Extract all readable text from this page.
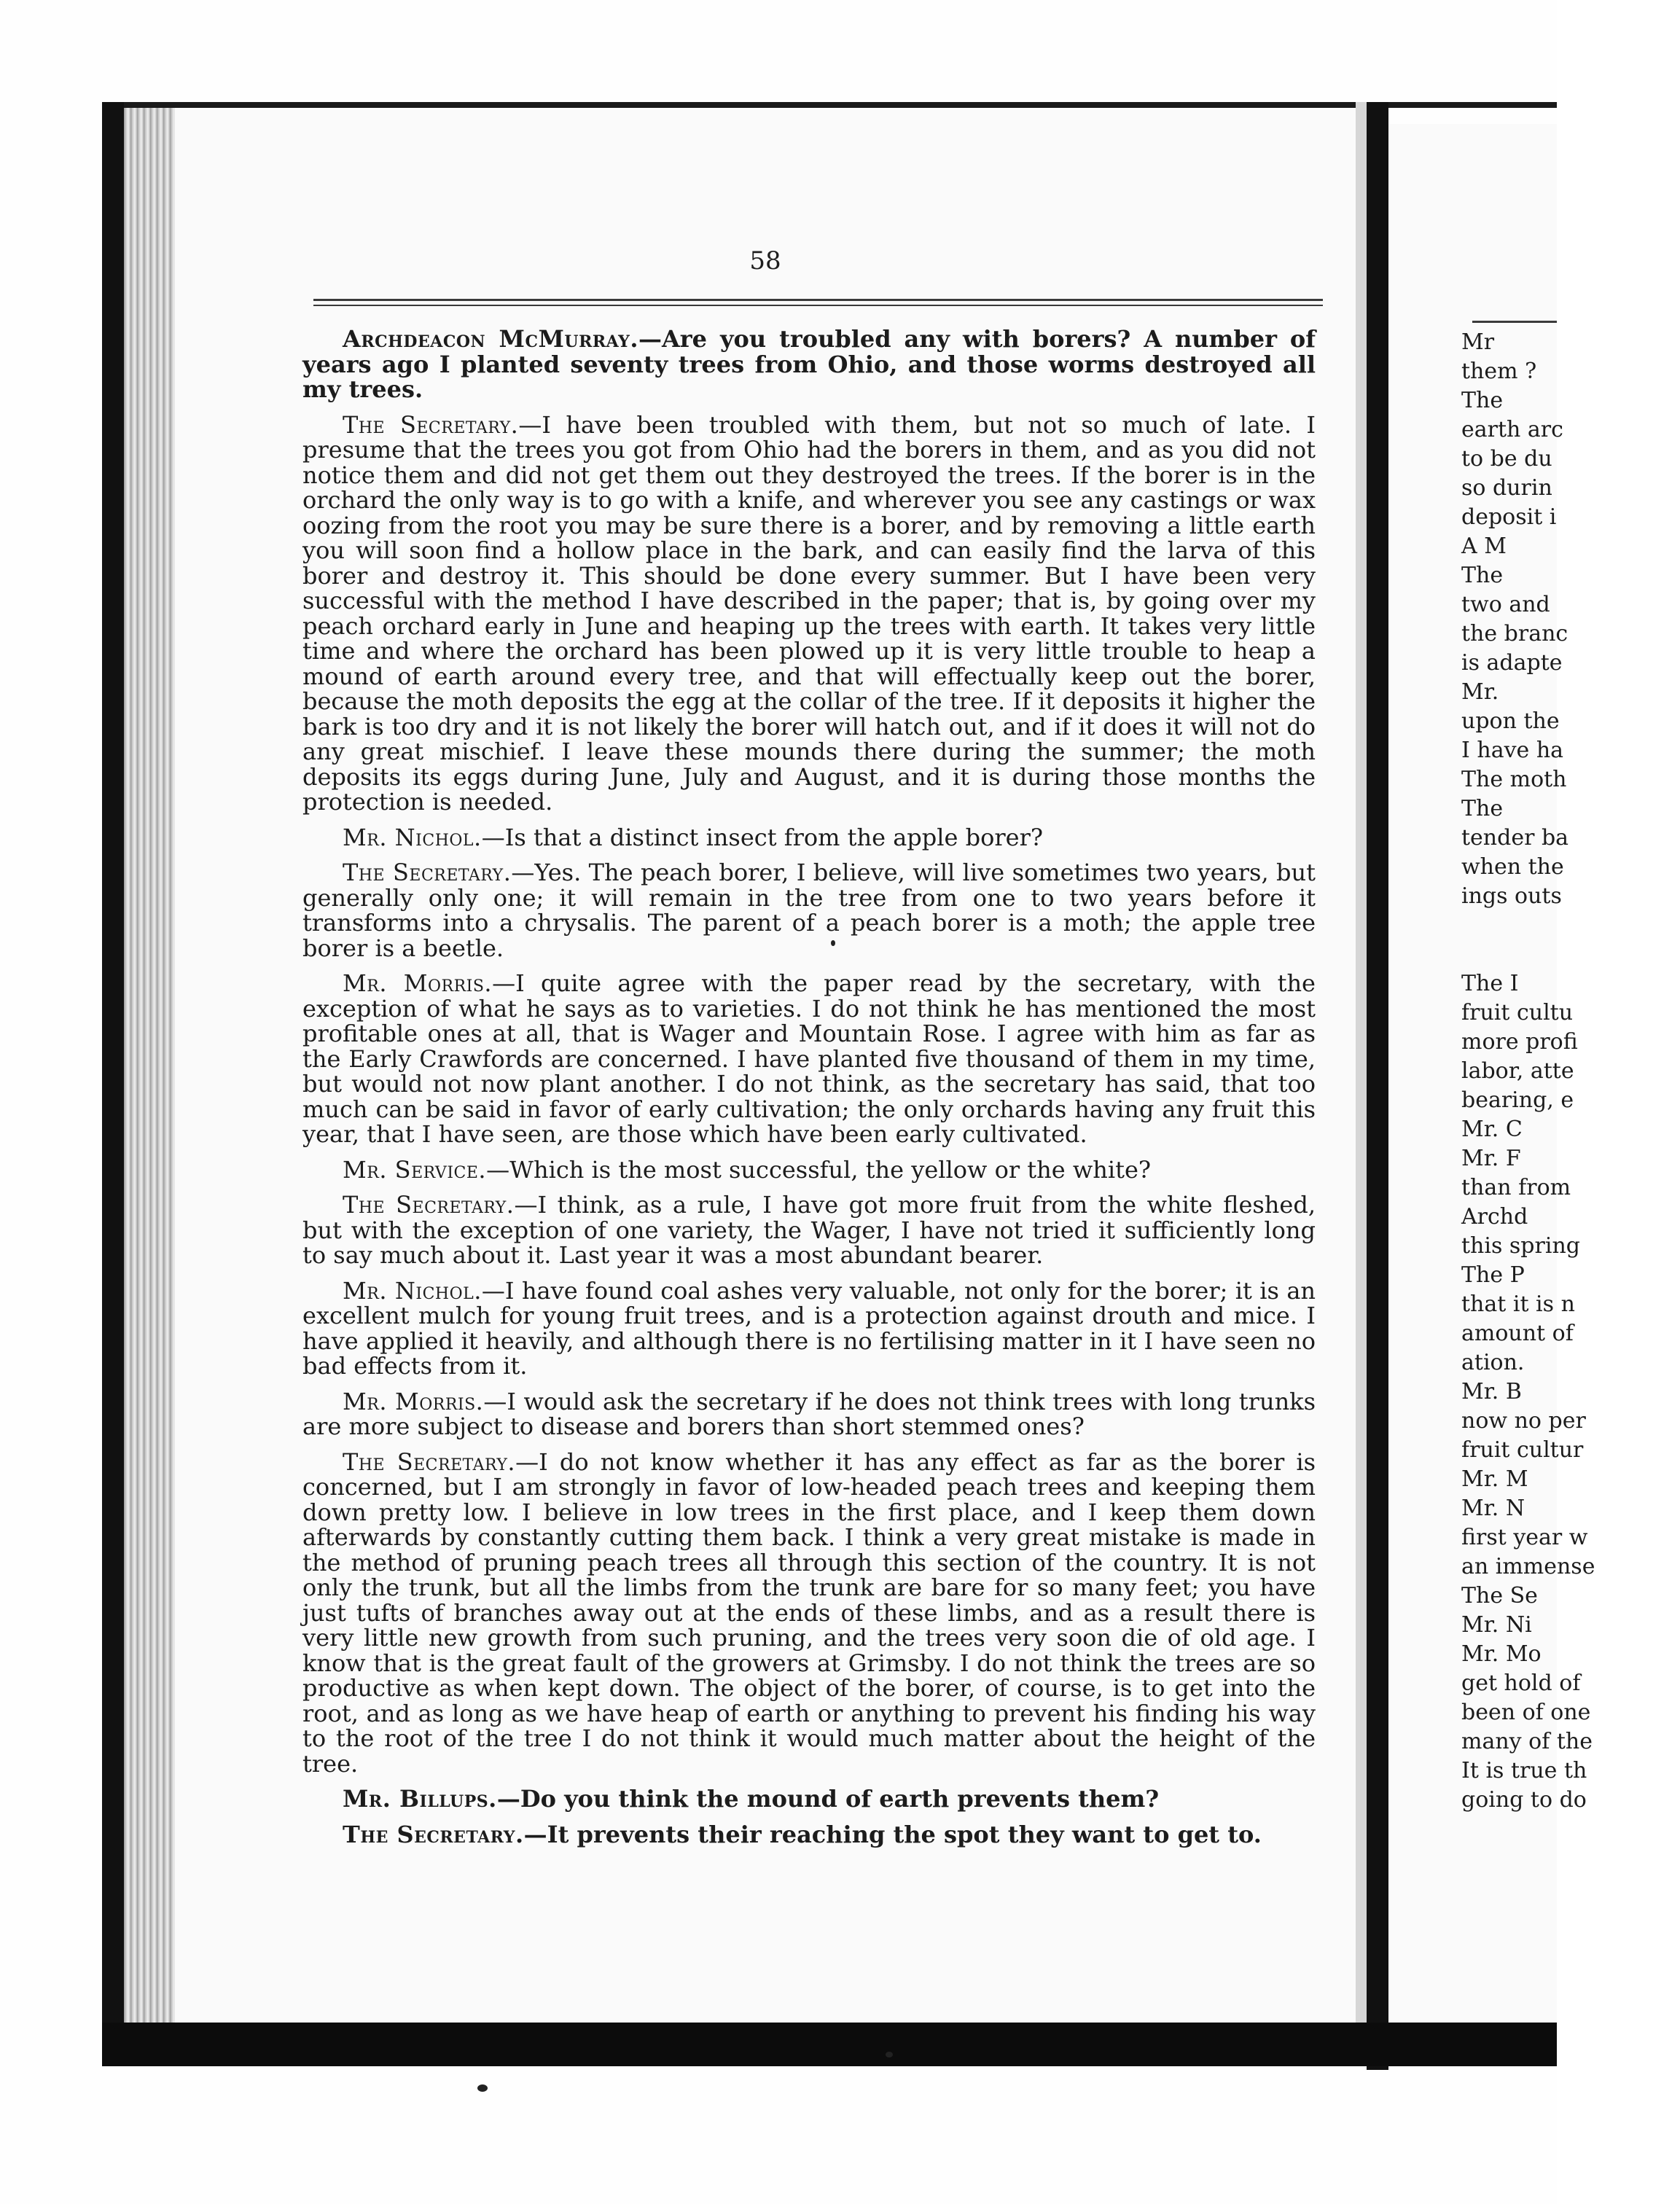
58

Archdeacon McMurray.—Are you troubled any with borers? A number of years ago I planted seventy trees from Ohio, and those worms destroyed all my trees.

The Secretary.—I have been troubled with them, but not so much of late. I presume that the trees you got from Ohio had the borers in them, and as you did not notice them and did not get them out they destroyed the trees. If the borer is in the orchard the only way is to go with a knife, and wherever you see any castings or wax oozing from the root you may be sure there is a borer, and by removing a little earth you will soon find a hollow place in the bark, and can easily find the larva of this borer and destroy it. This should be done every summer. But I have been very successful with the method I have described in the paper; that is, by going over my peach orchard early in June and heaping up the trees with earth. It takes very little time and where the orchard has been plowed up it is very little trouble to heap a mound of earth around every tree, and that will effectually keep out the borer, because the moth deposits the egg at the collar of the tree. If it deposits it higher the bark is too dry and it is not likely the borer will hatch out, and if it does it will not do any great mischief. I leave these mounds there during the summer; the moth deposits its eggs during June, July and August, and it is during those months the protection is needed.

Mr. Nichol.—Is that a distinct insect from the apple borer?

The Secretary.—Yes. The peach borer, I believe, will live sometimes two years, but generally only one; it will remain in the tree from one to two years before it transforms into a chrysalis. The parent of a peach borer is a moth; the apple tree borer is a beetle.

Mr. Morris.—I quite agree with the paper read by the secretary, with the exception of what he says as to varieties. I do not think he has mentioned the most profitable ones at all, that is Wager and Mountain Rose. I agree with him as far as the Early Crawfords are concerned. I have planted five thousand of them in my time, but would not now plant another. I do not think, as the secretary has said, that too much can be said in favor of early cultivation; the only orchards having any fruit this year, that I have seen, are those which have been early cultivated.

Mr. Service.—Which is the most successful, the yellow or the white?

The Secretary.—I think, as a rule, I have got more fruit from the white fleshed, but with the exception of one variety, the Wager, I have not tried it sufficiently long to say much about it. Last year it was a most abundant bearer.

Mr. Nichol.—I have found coal ashes very valuable, not only for the borer; it is an excellent mulch for young fruit trees, and is a protection against drouth and mice. I have applied it heavily, and although there is no fertilising matter in it I have seen no bad effects from it.

Mr. Morris.—I would ask the secretary if he does not think trees with long trunks are more subject to disease and borers than short stemmed ones?

The Secretary.—I do not know whether it has any effect as far as the borer is concerned, but I am strongly in favor of low-headed peach trees and keeping them down pretty low. I believe in low trees in the first place, and I keep them down afterwards by constantly cutting them back. I think a very great mistake is made in the method of pruning peach trees all through this section of the country. It is not only the trunk, but all the limbs from the trunk are bare for so many feet; you have just tufts of branches away out at the ends of these limbs, and as a result there is very little new growth from such pruning, and the trees very soon die of old age. I know that is the great fault of the growers at Grimsby. I do not think the trees are so productive as when kept down. The object of the borer, of course, is to get into the root, and as long as we have heap of earth or anything to prevent his finding his way to the root of the tree I do not think it would much matter about the height of the tree.

Mr. Billups.—Do you think the mound of earth prevents them?

The Secretary.—It prevents their reaching the spot they want to get to.

Mr
them ?
The
earth arc
to be du
so durin
deposit i
A M
The
two and
the branc
is adapte
Mr.
upon the
I have ha
The moth
The
tender ba
when the
ings outs
The I
fruit cultu
more profi
labor, atte
bearing, e
Mr. C
Mr. F
than from
Archd
this spring
The P
that it is n
amount of
ation.
Mr. B
now no per
fruit cultur
Mr. M
Mr. N
first year w
an immense
The Se
Mr. Ni
Mr. Mo
get hold of
been of one
many of the
It is true th
going to do
